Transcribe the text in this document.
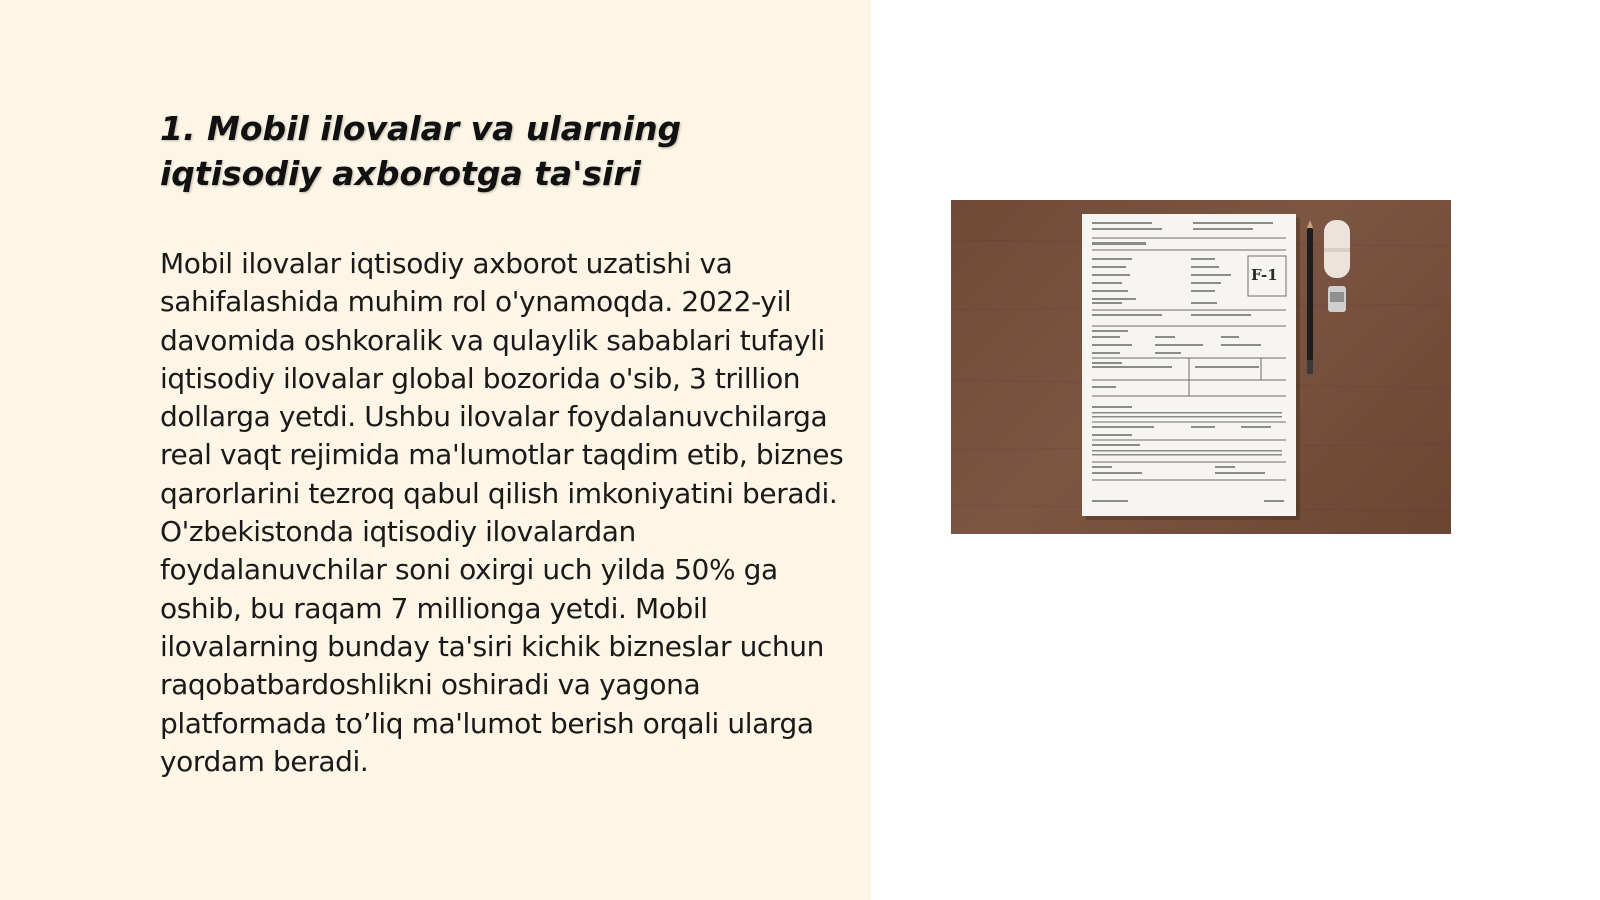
1. Mobil ilovalar va ularning iqtisodiy axborotga ta'siri

Mobil ilovalar iqtisodiy axborot uzatishi va sahifalashida muhim rol o'ynamoqda. 2022-yil davomida oshkoralik va qulaylik sabablari tufayli iqtisodiy ilovalar global bozorida o'sib, 3 trillion dollarga yetdi. Ushbu ilovalar foydalanuvchilarga real vaqt rejimida ma'lumotlar taqdim etib, biznes qarorlarini tezroq qabul qilish imkoniyatini beradi. O'zbekistonda iqtisodiy ilovalardan foydalanuvchilar soni oxirgi uch yilda 50% ga oshib, bu raqam 7 millionga yetdi. Mobil ilovalarning bunday ta'siri kichik bizneslar uchun raqobatbardoshlikni oshiradi va yagona platformada to’liq ma'lumot berish orqali ularga yordam beradi.

F-1
